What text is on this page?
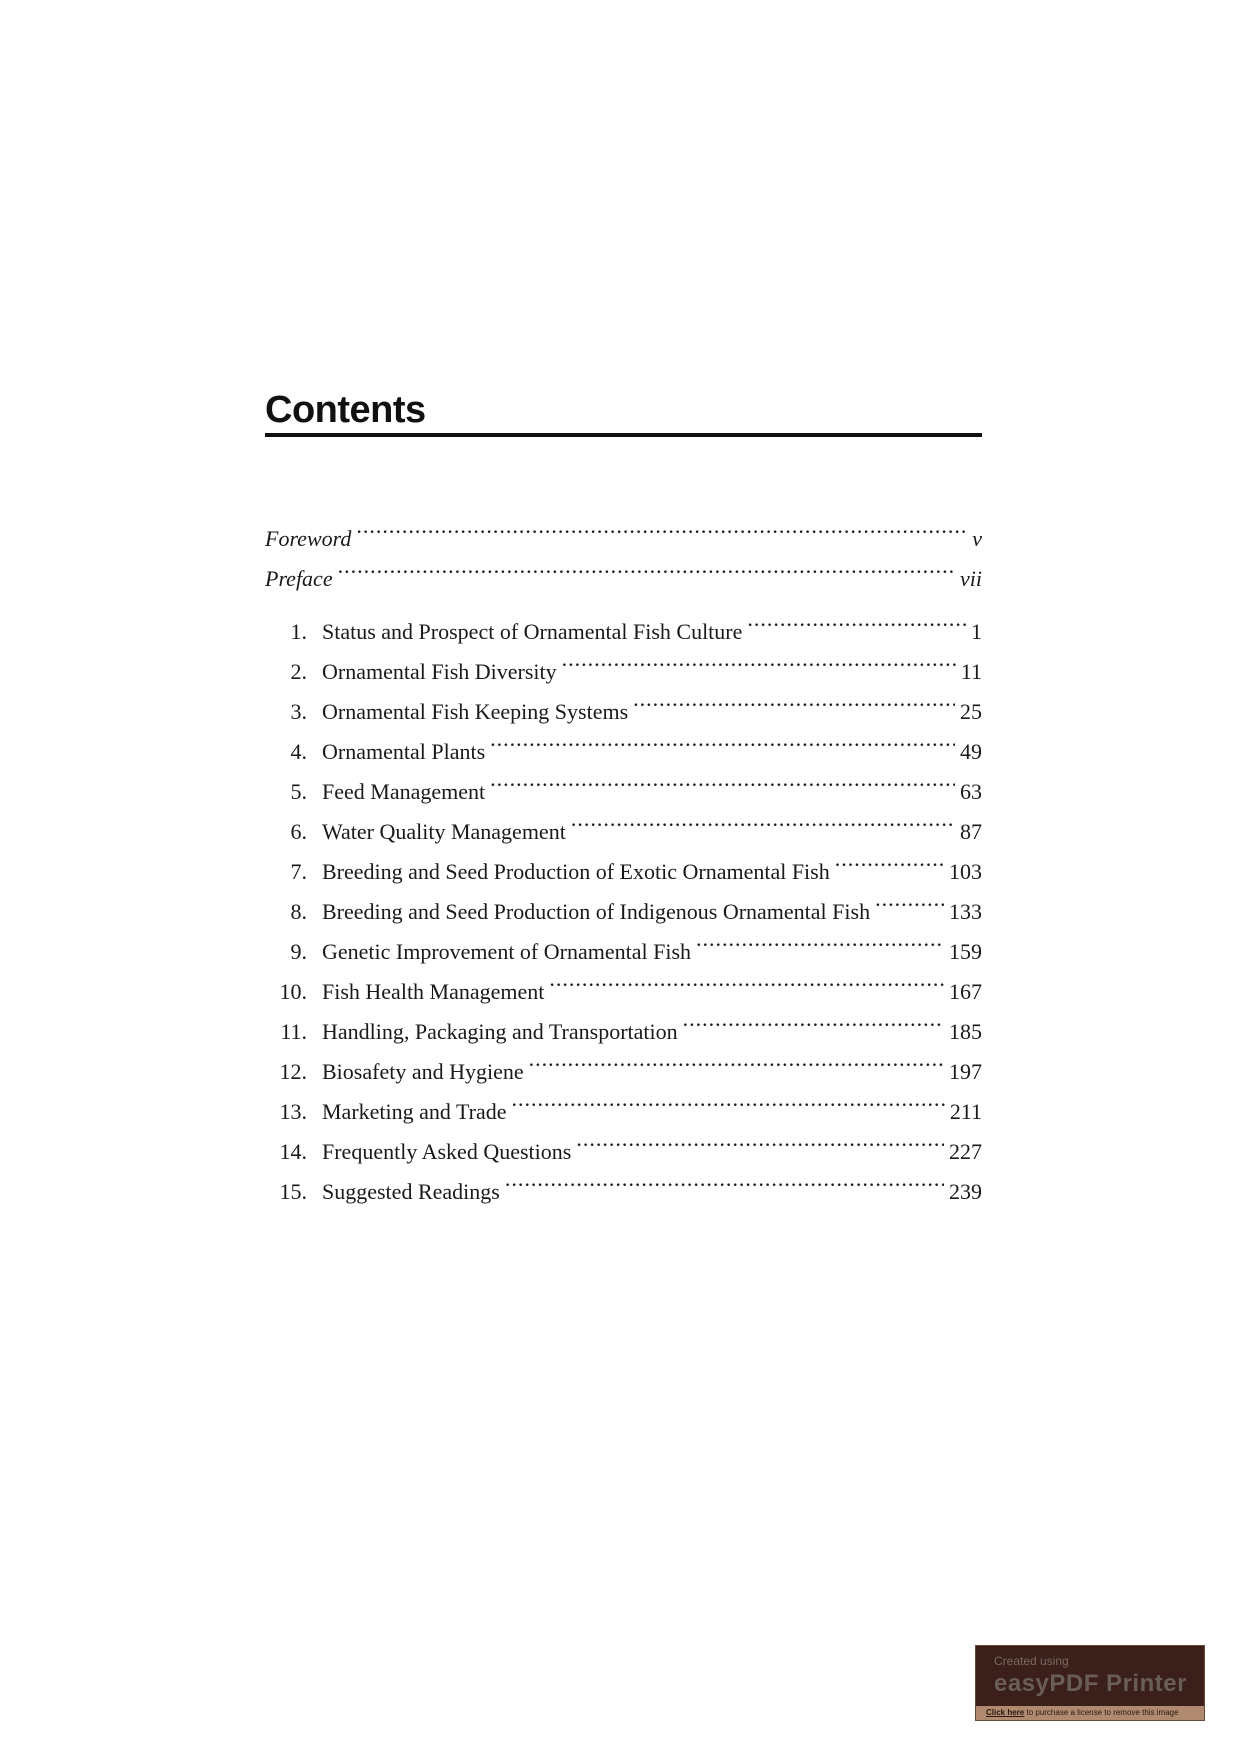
Contents
Foreword .....	v
Preface .....	vii
1. Status and Prospect of Ornamental Fish Culture .....	1
2. Ornamental Fish Diversity .....	11
3. Ornamental Fish Keeping Systems .....	25
4. Ornamental Plants .....	49
5. Feed Management .....	63
6. Water Quality Management .....	87
7. Breeding and Seed Production of Exotic Ornamental Fish .....	103
8. Breeding and Seed Production of Indigenous Ornamental Fish .....	133
9. Genetic Improvement of Ornamental Fish .....	159
10. Fish Health Management .....	167
11. Handling, Packaging and Transportation .....	185
12. Biosafety and Hygiene .....	197
13. Marketing and Trade .....	211
14. Frequently Asked Questions .....	227
15. Suggested Readings .....	239
Created using
easyPDF Printer
Click here to purchase a license to remove this image
